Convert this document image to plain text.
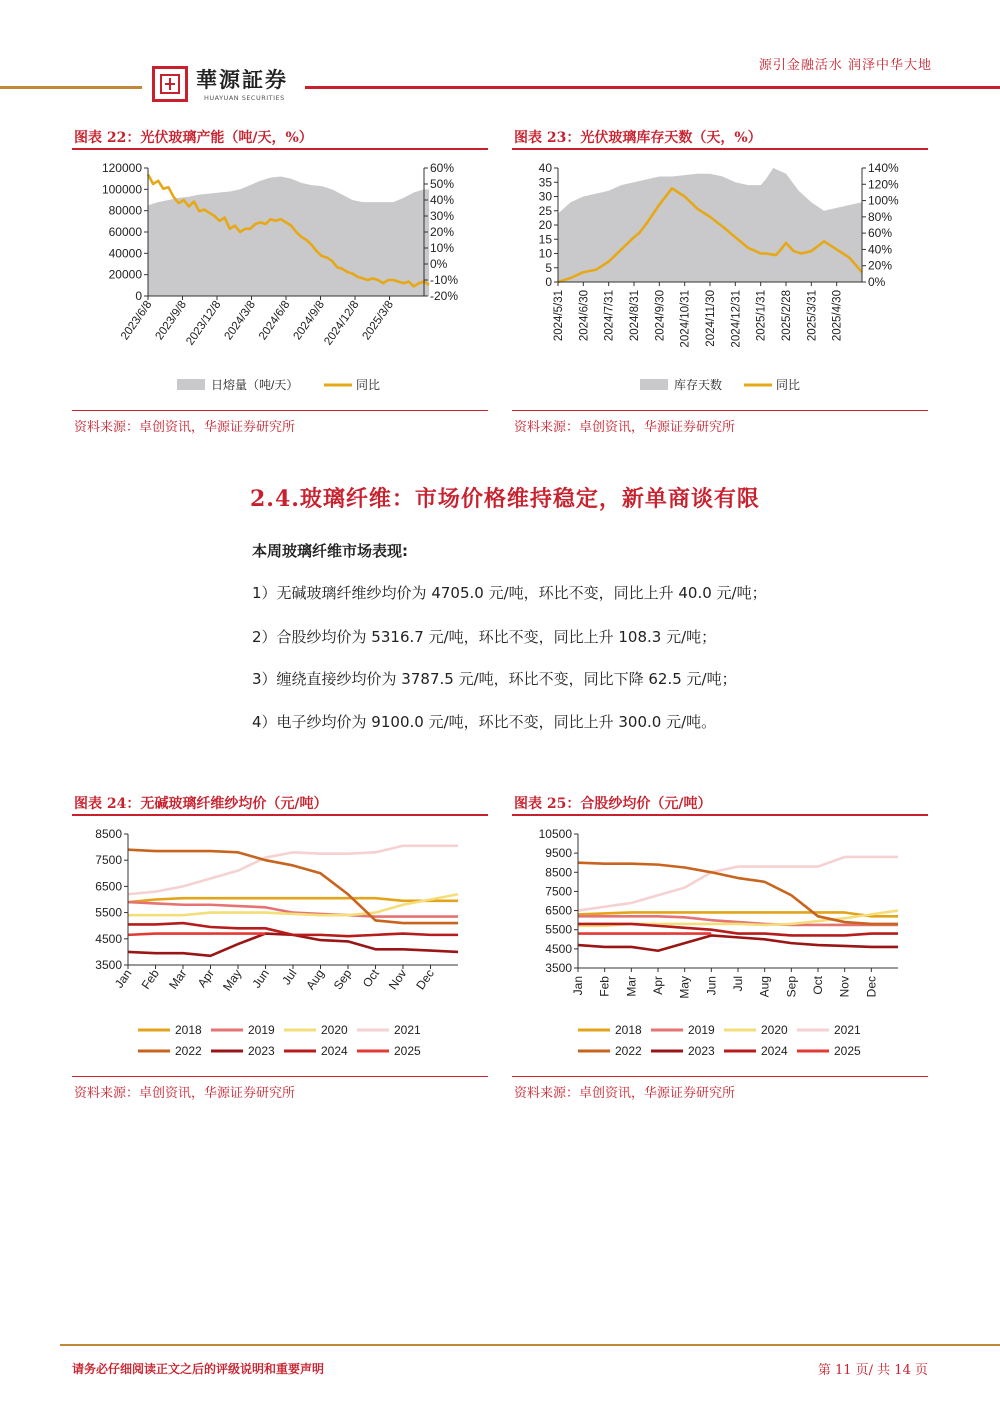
華源証券
HUAYUAN SECURITIES
源引金融活水 润泽中华大地
图表 22：光伏玻璃产能（吨/天，%）
0
20000
40000
60000
80000
100000
120000
-20%
-10%
0%
10%
20%
30%
40%
50%
60%
2023/6/8
2023/9/8
2023/12/8
2024/3/8
2024/6/8
2024/9/8
2024/12/8
2025/3/8
日熔量（吨/天）	同比
资料来源：卓创资讯，华源证券研究所
图表 23：光伏玻璃库存天数（天，%）
0
5
10
15
20
25
30
35
40
0%
20%
40%
60%
80%
100%
120%
140%
2024/5/31 2024/6/30 2024/7/31 2024/8/31 2024/9/30 2024/10/31 2024/11/30 2024/12/31 2025/1/31 2025/2/28 2025/3/31 2025/4/30
库存天数	同比
资料来源：卓创资讯，华源证券研究所
2.4.玻璃纤维：市场价格维持稳定，新单商谈有限
本周玻璃纤维市场表现:
1）无碱玻璃纤维纱均价为 4705.0 元/吨，环比不变，同比上升 40.0 元/吨；
2）合股纱均价为 5316.7 元/吨，环比不变，同比上升 108.3 元/吨；
3）缠绕直接纱均价为 3787.5 元/吨，环比不变，同比下降 62.5 元/吨；
4）电子纱均价为 9100.0 元/吨，环比不变，同比上升 300.0 元/吨。
图表 24：无碱玻璃纤维纱均价（元/吨）
3500
4500
5500
6500
7500
8500
Jan Feb Mar Apr May Jun Jul Aug Sep Oct Nov Dec
2018	2019	2020	2021
2022	2023	2024	2025
资料来源：卓创资讯，华源证券研究所
图表 25：合股纱均价（元/吨）
3500
4500
5500
6500
7500
8500
9500
10500
Jan Feb Mar Apr May Jun Jul Aug Sep Oct Nov Dec
2018	2019	2020	2021
2022	2023	2024	2025
资料来源：卓创资讯，华源证券研究所
请务必仔细阅读正文之后的评级说明和重要声明	第 11 页/ 共 14 页
